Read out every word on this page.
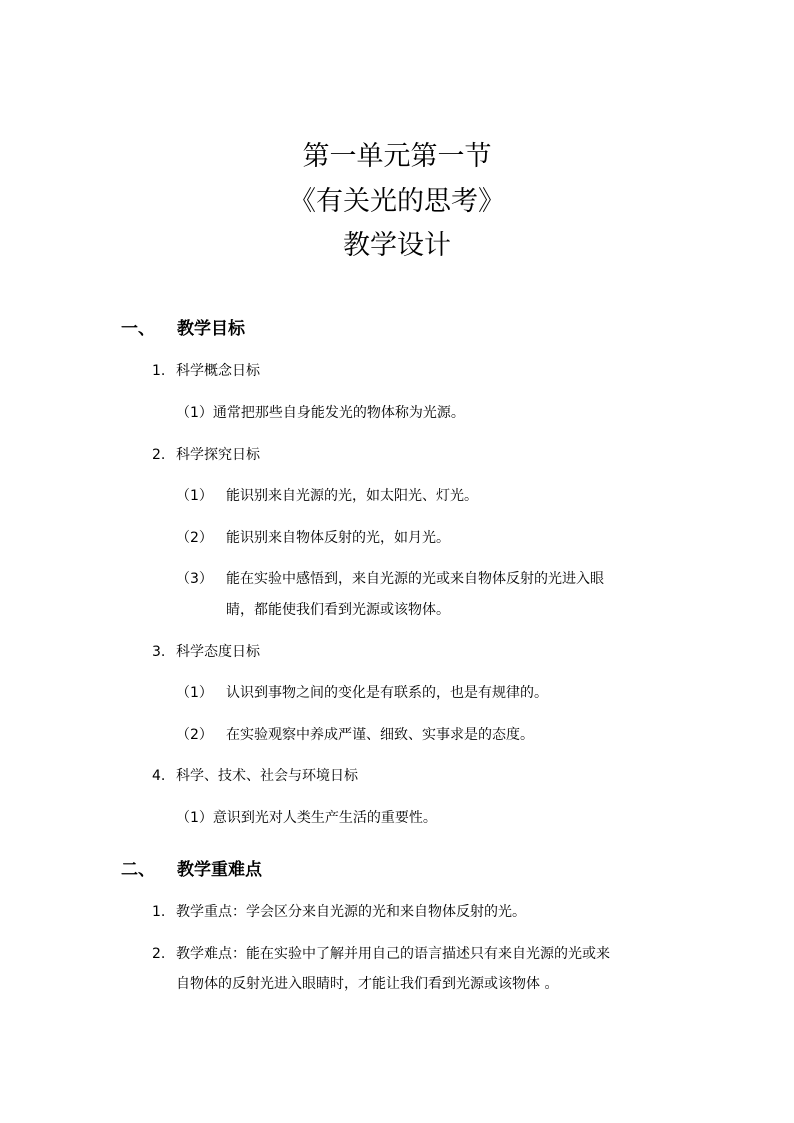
第一单元第一节
《有关光的思考》
教学设计
一、 教学目标
1. 科学概念日标
（1）通常把那些自身能发光的物体称为光源。
2. 科学探究日标
（1） 能识别来自光源的光，如太阳光、灯光。
（2） 能识别来自物体反射的光，如月光。
（3） 能在实验中感悟到，来自光源的光或来自物体反射的光进入眼
睛，都能使我们看到光源或该物体。
3. 科学态度日标
（1） 认识到事物之间的变化是有联系的，也是有规律的。
（2） 在实验观察中养成严谨、细致、实事求是的态度。
4. 科学、技术、社会与环境日标
（1）意识到光对人类生产生活的重要性。
二、 教学重难点
1. 教学重点：学会区分来自光源的光和来自物体反射的光。
2. 教学难点：能在实验中了解并用自己的语言描述只有来自光源的光或来
自物体的反射光进入眼睛时，才能让我们看到光源或该物体 。
